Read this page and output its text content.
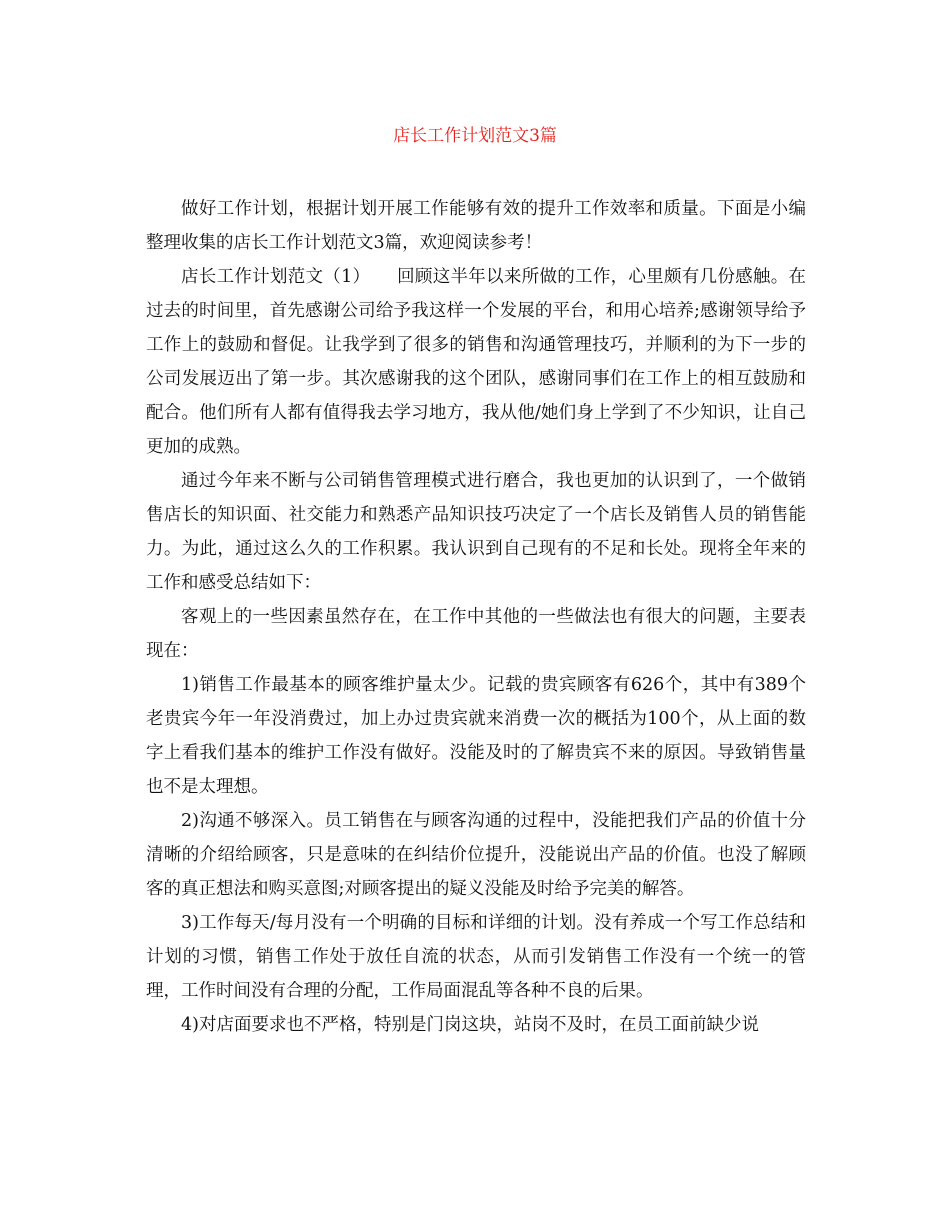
店长工作计划范文3篇

做好工作计划，根据计划开展工作能够有效的提升工作效率和质量。下面是小编整理收集的店长工作计划范文3篇，欢迎阅读参考！

店长工作计划范文（1）　　回顾这半年以来所做的工作，心里颇有几份感触。在过去的时间里，首先感谢公司给予我这样一个发展的平台，和用心培养;感谢领导给予工作上的鼓励和督促。让我学到了很多的销售和沟通管理技巧，并顺利的为下一步的公司发展迈出了第一步。其次感谢我的这个团队，感谢同事们在工作上的相互鼓励和配合。他们所有人都有值得我去学习地方，我从他/她们身上学到了不少知识，让自己更加的成熟。

通过今年来不断与公司销售管理模式进行磨合，我也更加的认识到了，一个做销售店长的知识面、社交能力和熟悉产品知识技巧决定了一个店长及销售人员的销售能力。为此，通过这么久的工作积累。我认识到自己现有的不足和长处。现将全年来的工作和感受总结如下：

客观上的一些因素虽然存在，在工作中其他的一些做法也有很大的问题，主要表现在：

1)销售工作最基本的顾客维护量太少。记载的贵宾顾客有626个，其中有389个老贵宾今年一年没消费过，加上办过贵宾就来消费一次的概括为100个，从上面的数字上看我们基本的维护工作没有做好。没能及时的了解贵宾不来的原因。导致销售量也不是太理想。

2)沟通不够深入。员工销售在与顾客沟通的过程中，没能把我们产品的价值十分清晰的介绍给顾客，只是意味的在纠结价位提升，没能说出产品的价值。也没了解顾客的真正想法和购买意图;对顾客提出的疑义没能及时给予完美的解答。

3)工作每天/每月没有一个明确的目标和详细的计划。没有养成一个写工作总结和计划的习惯，销售工作处于放任自流的状态，从而引发销售工作没有一个统一的管理，工作时间没有合理的分配，工作局面混乱等各种不良的后果。

4)对店面要求也不严格，特别是门岗这块，站岗不及时，在员工面前缺少说
